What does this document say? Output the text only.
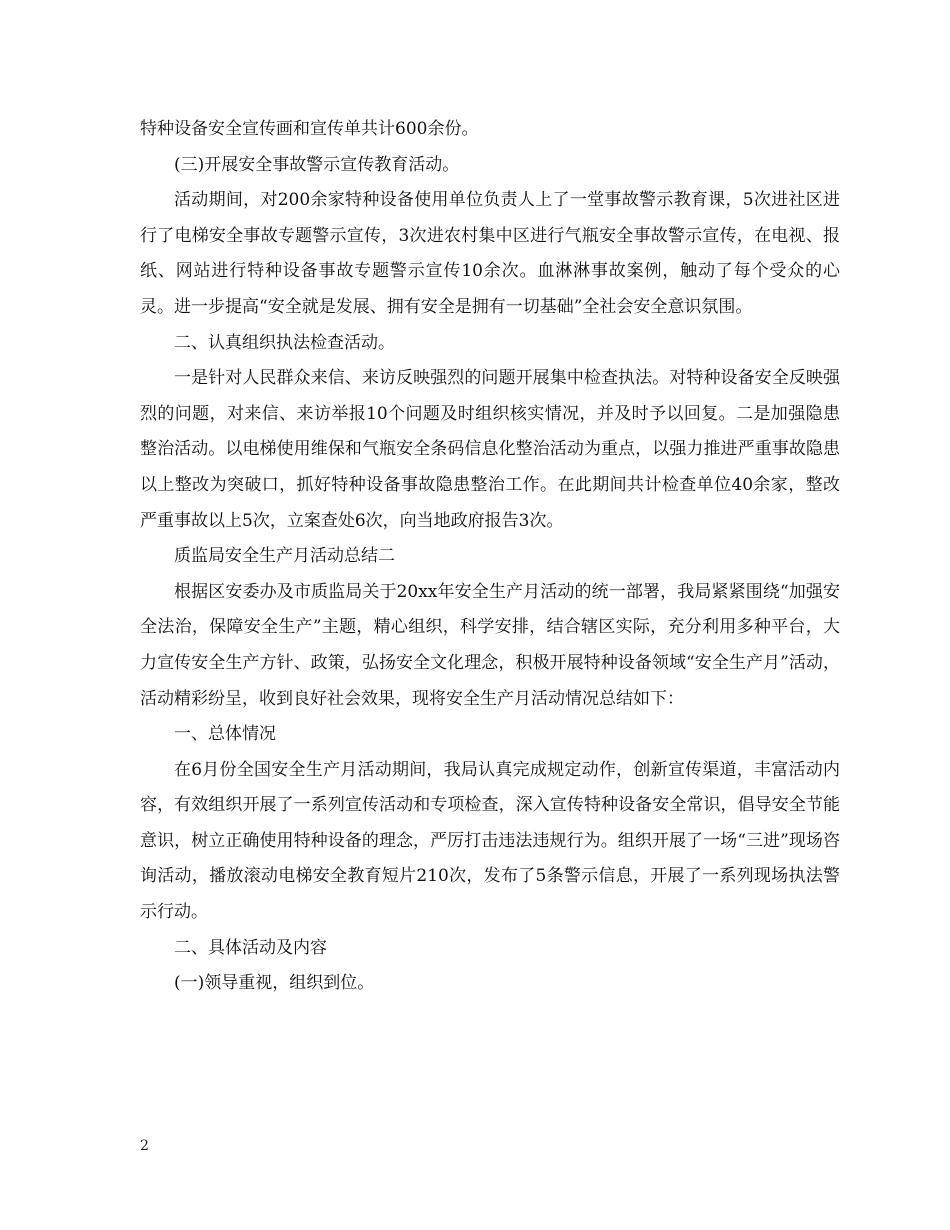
特种设备安全宣传画和宣传单共计600余份。

(三)开展安全事故警示宣传教育活动。

活动期间，对200余家特种设备使用单位负责人上了一堂事故警示教育课，5次进社区进行了电梯安全事故专题警示宣传，3次进农村集中区进行气瓶安全事故警示宣传，在电视、报纸、网站进行特种设备事故专题警示宣传10余次。血淋淋事故案例，触动了每个受众的心灵。进一步提高“安全就是发展、拥有安全是拥有一切基础”全社会安全意识氛围。

二、认真组织执法检查活动。

一是针对人民群众来信、来访反映强烈的问题开展集中检查执法。对特种设备安全反映强烈的问题，对来信、来访举报10个问题及时组织核实情况，并及时予以回复。二是加强隐患整治活动。以电梯使用维保和气瓶安全条码信息化整治活动为重点，以强力推进严重事故隐患以上整改为突破口，抓好特种设备事故隐患整治工作。在此期间共计检查单位40余家，整改严重事故以上5次，立案查处6次，向当地政府报告3次。

质监局安全生产月活动总结二

根据区安委办及市质监局关于20xx年安全生产月活动的统一部署，我局紧紧围绕“加强安全法治，保障安全生产”主题，精心组织，科学安排，结合辖区实际，充分利用多种平台，大力宣传安全生产方针、政策，弘扬安全文化理念，积极开展特种设备领域“安全生产月”活动，活动精彩纷呈，收到良好社会效果，现将安全生产月活动情况总结如下：

一、总体情况

在6月份全国安全生产月活动期间，我局认真完成规定动作，创新宣传渠道，丰富活动内容，有效组织开展了一系列宣传活动和专项检查，深入宣传特种设备安全常识，倡导安全节能意识，树立正确使用特种设备的理念，严厉打击违法违规行为。组织开展了一场“三进”现场咨询活动，播放滚动电梯安全教育短片210次，发布了5条警示信息，开展了一系列现场执法警示行动。

二、具体活动及内容

(一)领导重视，组织到位。

2
